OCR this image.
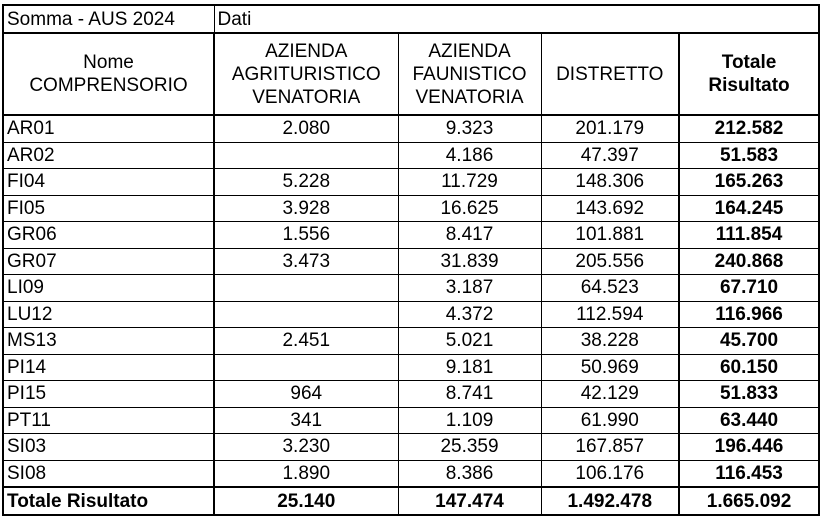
Somma - AUS 2024	Dati			
Nome COMPRENSORIO	AZIENDA AGRITURISTICO VENATORIA	AZIENDA FAUNISTICO VENATORIA	DISTRETTO	Totale Risultato
AR01	2.080	9.323	201.179	212.582
AR02		4.186	47.397	51.583
FI04	5.228	11.729	148.306	165.263
FI05	3.928	16.625	143.692	164.245
GR06	1.556	8.417	101.881	111.854
GR07	3.473	31.839	205.556	240.868
LI09		3.187	64.523	67.710
LU12		4.372	112.594	116.966
MS13	2.451	5.021	38.228	45.700
PI14		9.181	50.969	60.150
PI15	964	8.741	42.129	51.833
PT11	341	1.109	61.990	63.440
SI03	3.230	25.359	167.857	196.446
SI08	1.890	8.386	106.176	116.453
Totale Risultato	25.140	147.474	1.492.478	1.665.092
